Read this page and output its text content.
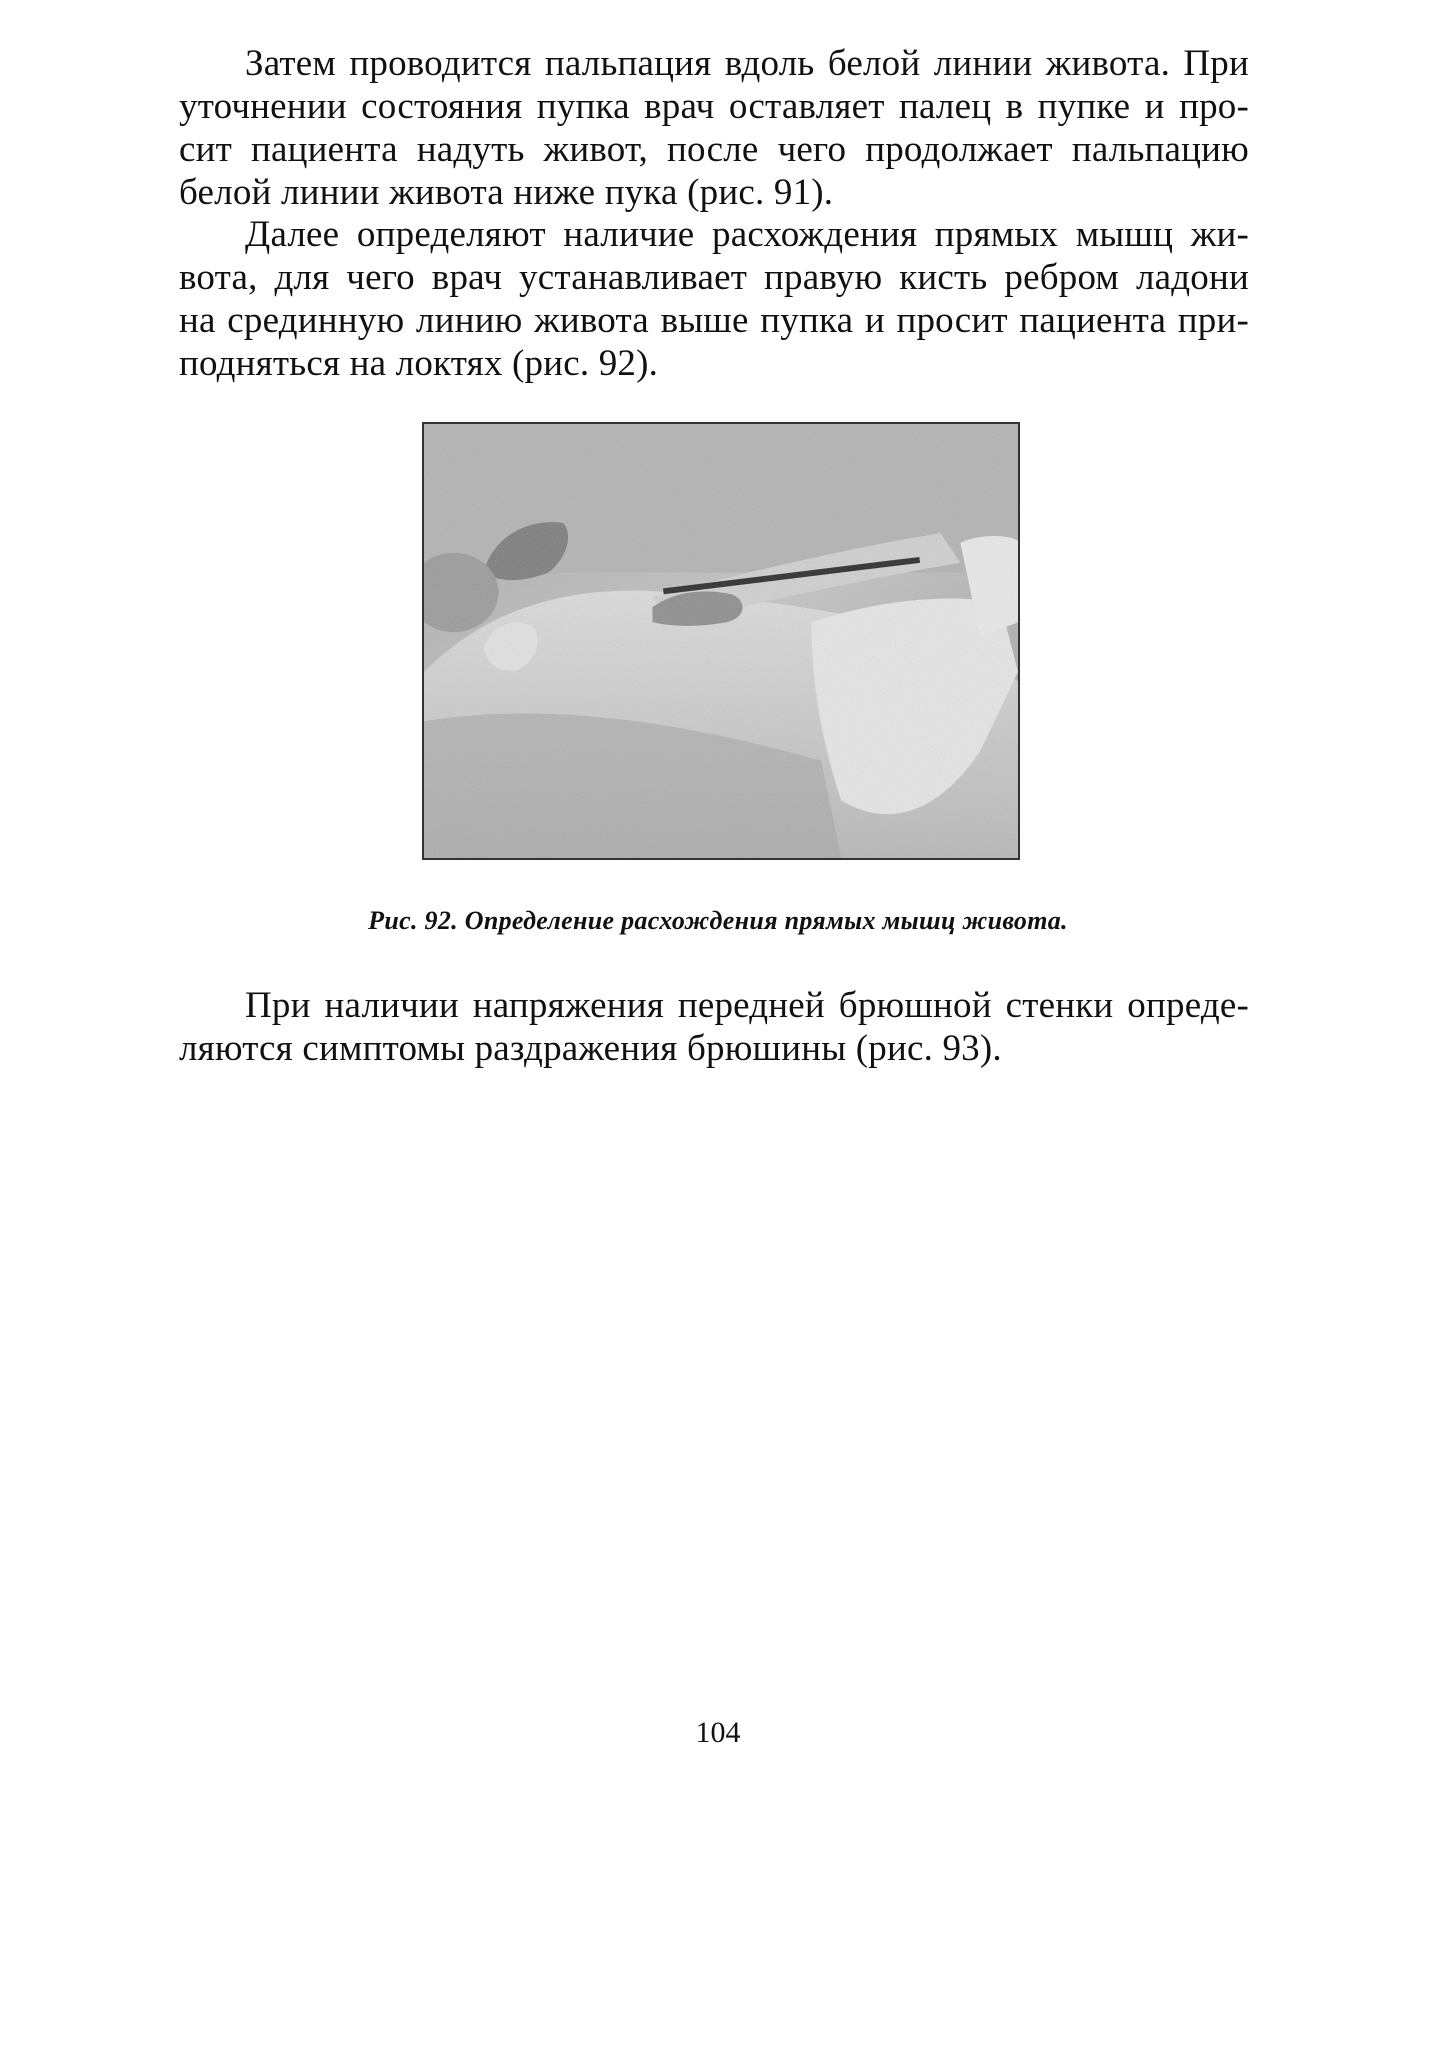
Затем проводится пальпация вдоль белой линии живота. При
уточнении состояния пупка врач оставляет палец в пупке и про-
сит пациента надуть живот, после чего продолжает пальпацию
белой линии живота ниже пука (рис. 91).
Далее определяют наличие расхождения прямых мышц жи-
вота, для чего врач устанавливает правую кисть ребром ладони
на срединную линию живота выше пупка и просит пациента при-
подняться на локтях (рис. 92).
Рис. 92. Определение расхождения прямых мышц живота.
При наличии напряжения передней брюшной стенки опреде-
ляются симптомы раздражения брюшины (рис. 93).
104
